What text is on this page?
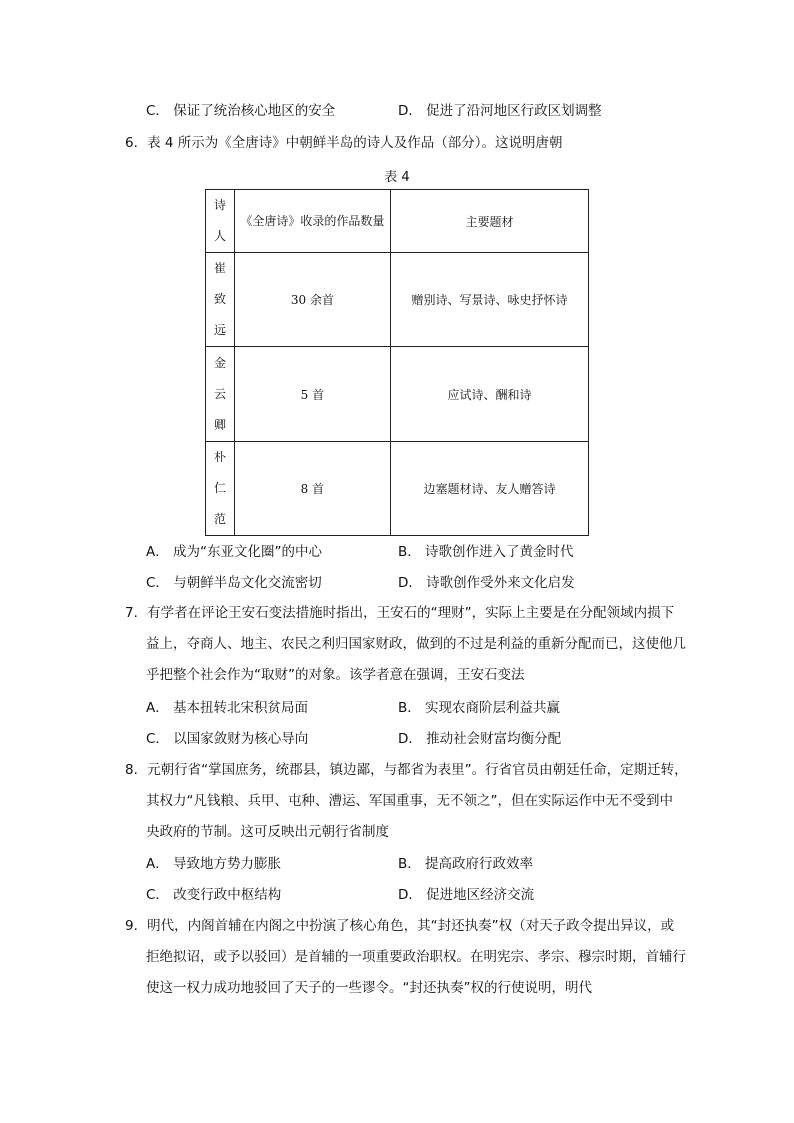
C． 保证了统治核心地区的安全	D． 促进了沿河地区行政区划调整
6．表 4 所示为《全唐诗》中朝鲜半岛的诗人及作品（部分）。这说明唐朝
表 4
诗人	《全唐诗》收录的作品数量	主要题材
崔致远	30 余首	赠别诗、写景诗、咏史抒怀诗
金云卿	5 首	应试诗、酬和诗
朴仁范	8 首	边塞题材诗、友人赠答诗
A． 成为“东亚文化圈”的中心	B． 诗歌创作进入了黄金时代
C． 与朝鲜半岛文化交流密切	D． 诗歌创作受外来文化启发
7．有学者在评论王安石变法措施时指出，王安石的“理财”，实际上主要是在分配领域内损下
益上，夺商人、地主、农民之利归国家财政，做到的不过是利益的重新分配而已，这使他几
乎把整个社会作为“取财”的对象。该学者意在强调，王安石变法
A． 基本扭转北宋积贫局面	B． 实现农商阶层利益共赢
C． 以国家敛财为核心导向	D． 推动社会财富均衡分配
8．元朝行省“掌国庶务，统郡县，镇边鄙，与都省为表里”。行省官员由朝廷任命，定期迁转，
其权力“凡钱粮、兵甲、屯种、漕运、军国重事，无不领之”，但在实际运作中无不受到中
央政府的节制。这可反映出元朝行省制度
A． 导致地方势力膨胀	B． 提高政府行政效率
C． 改变行政中枢结构	D． 促进地区经济交流
9．明代，内阁首辅在内阁之中扮演了核心角色，其“封还执奏”权（对天子政令提出异议，或
拒绝拟诏，或予以驳回）是首辅的一项重要政治职权。在明宪宗、孝宗、穆宗时期，首辅行
使这一权力成功地驳回了天子的一些谬令。“封还执奏”权的行使说明，明代
